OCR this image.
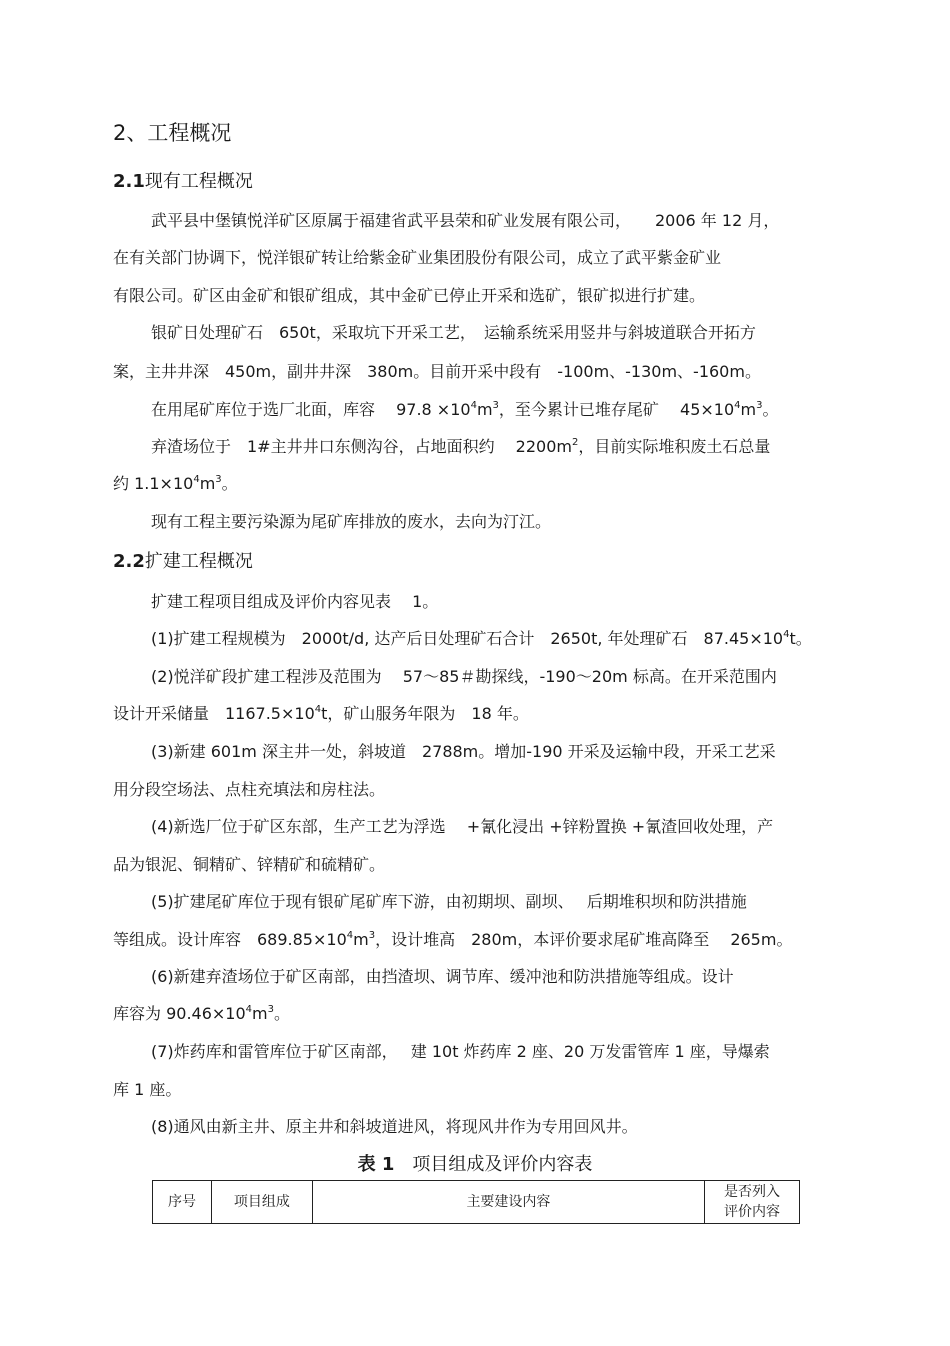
2、工程概况
2.1现有工程概况
武平县中堡镇悦洋矿区原属于福建省武平县荣和矿业发展有限公司，　　2006 年 12 月，
在有关部门协调下，悦洋银矿转让给紫金矿业集团股份有限公司，成立了武平紫金矿业
有限公司。矿区由金矿和银矿组成，其中金矿已停止开采和选矿，银矿拟进行扩建。
银矿日处理矿石　650t，采取坑下开采工艺，　运输系统采用竖井与斜坡道联合开拓方
案，主井井深　450m，副井井深　380m。目前开采中段有　-100m、-130m、-160m。
在用尾矿库位于选厂北面，库容　 $97.8 \times 10^4m^3$，至今累计已堆存尾矿　 $45\times 10^4m^3$。
弃渣场位于　1#主井井口东侧沟谷，占地面积约　 $2200m^2$，目前实际堆积废土石总量
约 $1.1\times 10^4m^3$。
现有工程主要污染源为尾矿库排放的废水，去向为汀江。
2.2扩建工程概况
扩建工程项目组成及评价内容见表　 1。
(1)扩建工程规模为　2000t/d, 达产后日处理矿石合计　2650t, 年处理矿石　$87.45\times 10^4t$。
(2)悦洋矿段扩建工程涉及范围为　 57～85＃勘探线，-190～20m 标高。在开采范围内
设计开采储量　$1167.5\times 10^4t$，矿山服务年限为　18 年。
(3)新建 601m 深主井一处，斜坡道　2788m。增加-190 开采及运输中段，开采工艺采
用分段空场法、点柱充填法和房柱法。
(4)新选厂位于矿区东部，生产工艺为浮选　 +氰化浸出 +锌粉置换 +氰渣回收处理，产
品为银泥、铜精矿、锌精矿和硫精矿。
(5)扩建尾矿库位于现有银矿尾矿库下游，由初期坝、副坝、　 后期堆积坝和防洪措施
等组成。设计库容　$689.85\times 10^4m^3$，设计堆高　280m，本评价要求尾矿堆高降至　 265m。
(6)新建弃渣场位于矿区南部，由挡渣坝、调节库、缓冲池和防洪措施等组成。设计
库容为 $90.46\times 10^4m^3$。
(7)炸药库和雷管库位于矿区南部，　 建 10t 炸药库 2 座、20 万发雷管库 1 座，导爆索
库 1 座。
(8)通风由新主井、原主井和斜坡道进风，将现风井作为专用回风井。
表 1　 项目组成及评价内容表
序号	项目组成	主要建设内容	是否列入
评价内容
